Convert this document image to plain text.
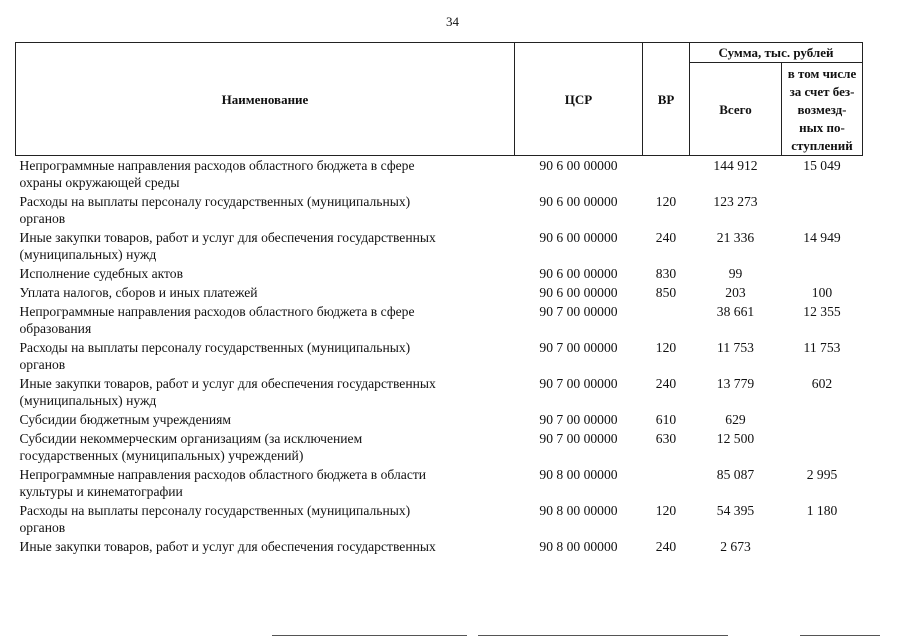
34
Наименование	ЦСР	ВР	Сумма, тыс. рублей	
			Всего	в том числе
за счет без-
возмезд-
ных по-
ступлений

Непрограммные направления расходов областного бюджета в сфере
охраны окружающей среды	90 6 00 00000		144 912	15 049

Расходы на выплаты персоналу государственных (муниципальных)
органов	90 6 00 00000	120	123 273	

Иные закупки товаров, работ и услуг для обеспечения государственных
(муниципальных) нужд	90 6 00 00000	240	21 336	14 949

Исполнение судебных актов	90 6 00 00000	830	99	

Уплата налогов, сборов и иных платежей	90 6 00 00000	850	203	100

Непрограммные направления расходов областного бюджета в сфере
образования	90 7 00 00000		38 661	12 355

Расходы на выплаты персоналу государственных (муниципальных)
органов	90 7 00 00000	120	11 753	11 753

Иные закупки товаров, работ и услуг для обеспечения государственных
(муниципальных) нужд	90 7 00 00000	240	13 779	602

Субсидии бюджетным учреждениям	90 7 00 00000	610	629	

Субсидии некоммерческим организациям (за исключением
государственных (муниципальных) учреждений)	90 7 00 00000	630	12 500	

Непрограммные направления расходов областного бюджета в области
культуры и кинематографии	90 8 00 00000		85 087	2 995

Расходы на выплаты персоналу государственных (муниципальных)
органов	90 8 00 00000	120	54 395	1 180

Иные закупки товаров, работ и услуг для обеспечения государственных	90 8 00 00000	240	2 673	
